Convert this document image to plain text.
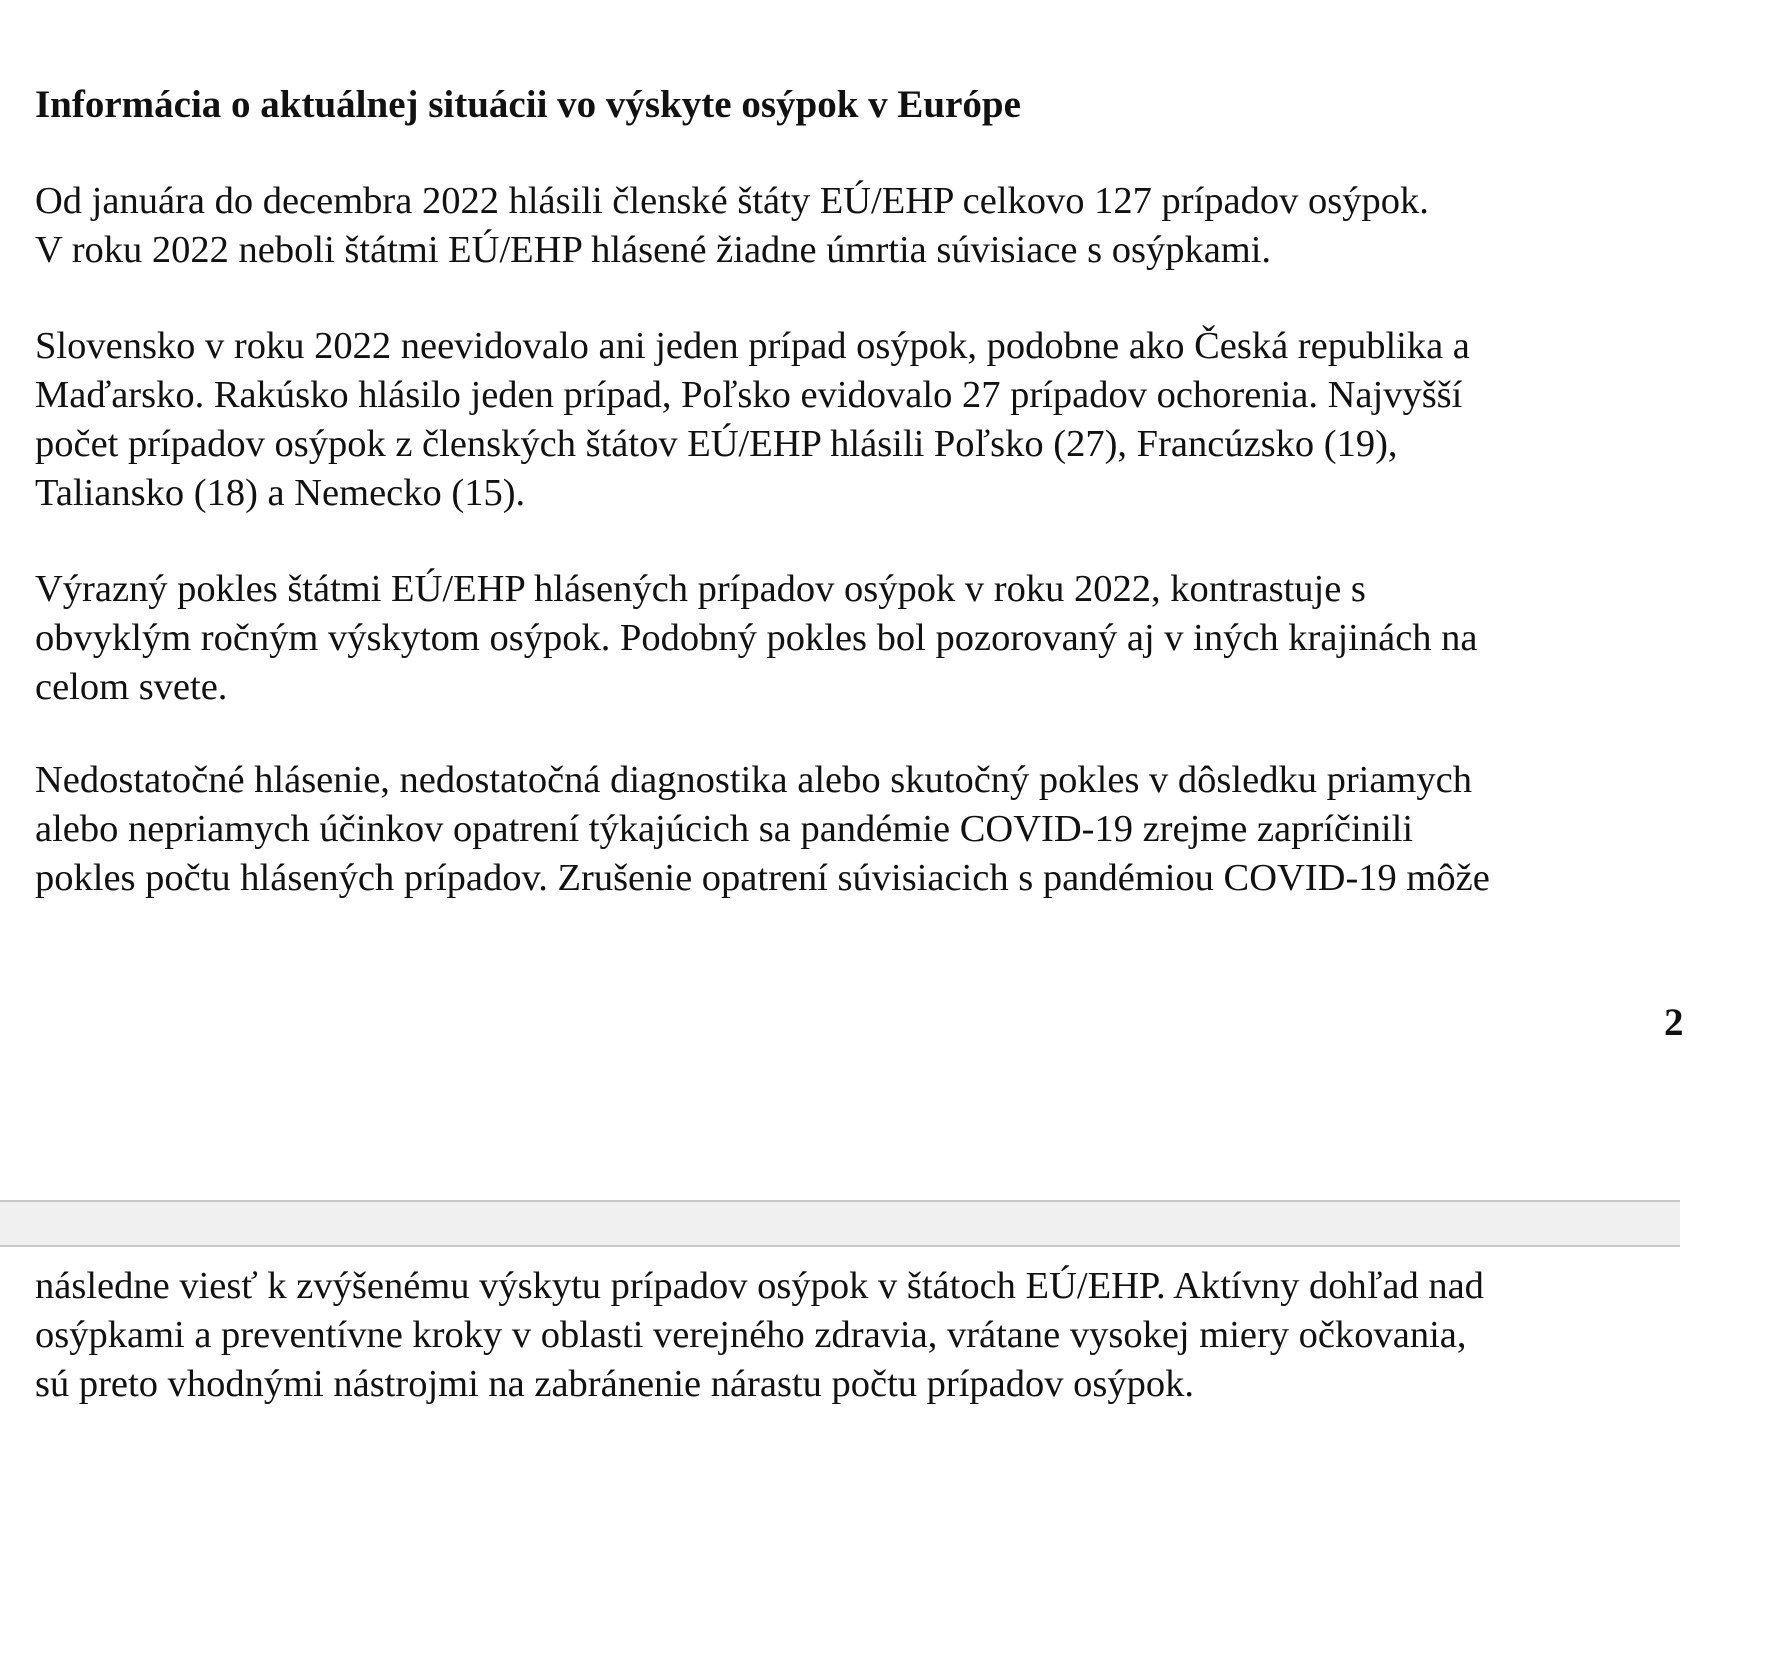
Informácia o aktuálnej situácii vo výskyte osýpok v Európe
Od januára do decembra 2022 hlásili členské štáty EÚ/EHP celkovo 127 prípadov osýpok.
V roku 2022 neboli štátmi EÚ/EHP hlásené žiadne úmrtia súvisiace s osýpkami.
Slovensko v roku 2022 neevidovalo ani jeden prípad osýpok, podobne ako Česká republika a
Maďarsko. Rakúsko hlásilo jeden prípad, Poľsko evidovalo 27 prípadov ochorenia. Najvyšší
počet prípadov osýpok z členských štátov EÚ/EHP hlásili Poľsko (27), Francúzsko (19),
Taliansko (18) a Nemecko (15).
Výrazný pokles štátmi EÚ/EHP hlásených prípadov osýpok v roku 2022, kontrastuje s
obvyklým ročným výskytom osýpok. Podobný pokles bol pozorovaný aj v iných krajinách na
celom svete.
Nedostatočné hlásenie, nedostatočná diagnostika alebo skutočný pokles v dôsledku priamych
alebo nepriamych účinkov opatrení týkajúcich sa pandémie COVID-19 zrejme zapríčinili
pokles počtu hlásených prípadov. Zrušenie opatrení súvisiacich s pandémiou COVID-19 môže
2
následne viesť k zvýšenému výskytu prípadov osýpok v štátoch EÚ/EHP. Aktívny dohľad nad
osýpkami a preventívne kroky v oblasti verejného zdravia, vrátane vysokej miery očkovania,
sú preto vhodnými nástrojmi na zabránenie nárastu počtu prípadov osýpok.
